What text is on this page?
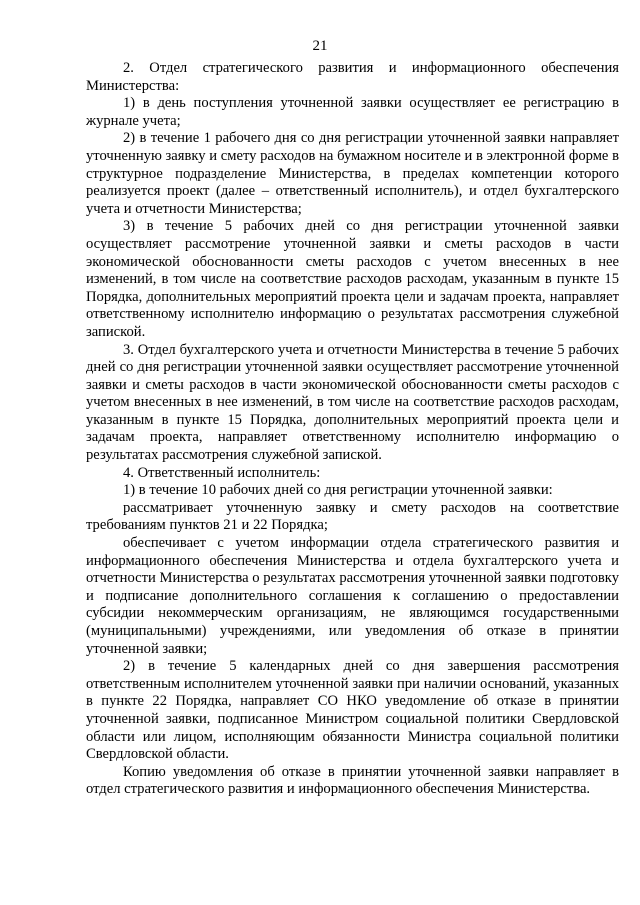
21

2. Отдел стратегического развития и информационного обеспечения Министерства:

1) в день поступления уточненной заявки осуществляет ее регистрацию в журнале учета;

2) в течение 1 рабочего дня со дня регистрации уточненной заявки направляет уточненную заявку и смету расходов на бумажном носителе и в электронной форме в структурное подразделение Министерства, в пределах компетенции которого реализуется проект (далее – ответственный исполнитель), и отдел бухгалтерского учета и отчетности Министерства;

3) в течение 5 рабочих дней со дня регистрации уточненной заявки осуществляет рассмотрение уточненной заявки и сметы расходов в части экономической обоснованности сметы расходов с учетом внесенных в нее изменений, в том числе на соответствие расходов расходам, указанным в пункте 15 Порядка, дополнительных мероприятий проекта цели и задачам проекта, направляет ответственному исполнителю информацию о результатах рассмотрения служебной запиской.

3. Отдел бухгалтерского учета и отчетности Министерства в течение 5 рабочих дней со дня регистрации уточненной заявки осуществляет рассмотрение уточненной заявки и сметы расходов в части экономической обоснованности сметы расходов с учетом внесенных в нее изменений, в том числе на соответствие расходов расходам, указанным в пункте 15 Порядка, дополнительных мероприятий проекта цели и задачам проекта, направляет ответственному исполнителю информацию о результатах рассмотрения служебной запиской.

4. Ответственный исполнитель:

1) в течение 10 рабочих дней со дня регистрации уточненной заявки:

рассматривает уточненную заявку и смету расходов на соответствие требованиям пунктов 21 и 22 Порядка;

обеспечивает с учетом информации отдела стратегического развития и информационного обеспечения Министерства и отдела бухгалтерского учета и отчетности Министерства о результатах рассмотрения уточненной заявки подготовку и подписание дополнительного соглашения к соглашению о предоставлении субсидии некоммерческим организациям, не являющимся государственными (муниципальными) учреждениями, или уведомления об отказе в принятии уточненной заявки;

2) в течение 5 календарных дней со дня завершения рассмотрения ответственным исполнителем уточненной заявки при наличии оснований, указанных в пункте 22 Порядка, направляет СО НКО уведомление об отказе в принятии уточненной заявки, подписанное Министром социальной политики Свердловской области или лицом, исполняющим обязанности Министра социальной политики Свердловской области.

Копию уведомления об отказе в принятии уточненной заявки направляет в отдел стратегического развития и информационного обеспечения Министерства.
